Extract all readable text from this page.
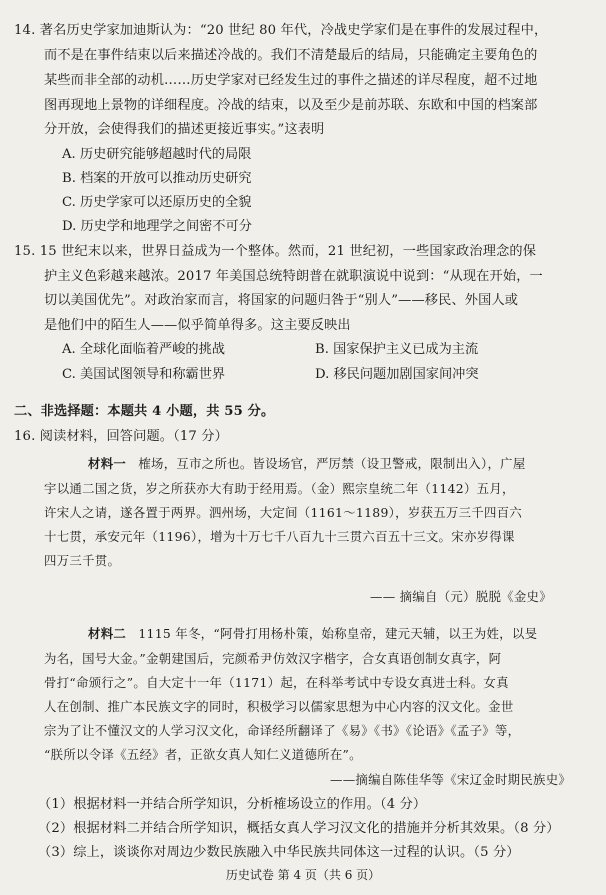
14. 著名历史学家加迪斯认为：“20 世纪 80 年代，冷战史学家们是在事件的发展过程中，
而不是在事件结束以后来描述冷战的。我们不清楚最后的结局，只能确定主要角色的
某些而非全部的动机……历史学家对已经发生过的事件之描述的详尽程度，超不过地
图再现地上景物的详细程度。冷战的结束，以及至少是前苏联、东欧和中国的档案部
分开放，会使得我们的描述更接近事实。”这表明
A. 历史研究能够超越时代的局限
B. 档案的开放可以推动历史研究
C. 历史学家可以还原历史的全貌
D. 历史学和地理学之间密不可分
15. 15 世纪末以来，世界日益成为一个整体。然而，21 世纪初，一些国家政治理念的保
护主义色彩越来越浓。2017 年美国总统特朗普在就职演说中说到：“从现在开始，一
切以美国优先”。对政治家而言，将国家的问题归咎于“别人”——移民、外国人或
是他们中的陌生人——似乎简单得多。这主要反映出
A. 全球化面临着严峻的挑战	B. 国家保护主义已成为主流
C. 美国试图领导和称霸世界	D. 移民问题加剧国家间冲突
二、非选择题：本题共 4 小题，共 55 分。
16. 阅读材料，回答问题。（17 分）
材料一 榷场，互市之所也。皆设场官，严厉禁（设卫警戒，限制出入），广屋
宇以通二国之货，岁之所获亦大有助于经用焉。（金）熙宗皇统二年（1142）五月，
许宋人之请，遂各置于两界。泗州场，大定间（1161～1189），岁获五万三千四百六
十七贯，承安元年（1196），增为十万七千八百九十三贯六百五十三文。宋亦岁得课
四万三千贯。
—— 摘编自（元）脱脱《金史》
材料二 1115 年冬，“阿骨打用杨朴策，始称皇帝，建元天辅，以王为姓，以旻
为名，国号大金。”金朝建国后，完颜希尹仿效汉字楷字，合女真语创制女真字，阿
骨打“命颁行之”。自大定十一年（1171）起，在科举考试中专设女真进士科。女真
人在创制、推广本民族文字的同时，积极学习以儒家思想为中心内容的汉文化。金世
宗为了让不懂汉文的人学习汉文化，命译经所翻译了《易》《书》《论语》《孟子》等，
“朕所以令译《五经》者，正欲女真人知仁义道德所在”。
——摘编自陈佳华等《宋辽金时期民族史》
（1）根据材料一并结合所学知识，分析榷场设立的作用。（4 分）
（2）根据材料二并结合所学知识，概括女真人学习汉文化的措施并分析其效果。（8 分）
（3）综上，谈谈你对周边少数民族融入中华民族共同体这一过程的认识。（5 分）
历史试卷 第 4 页（共 6 页）
